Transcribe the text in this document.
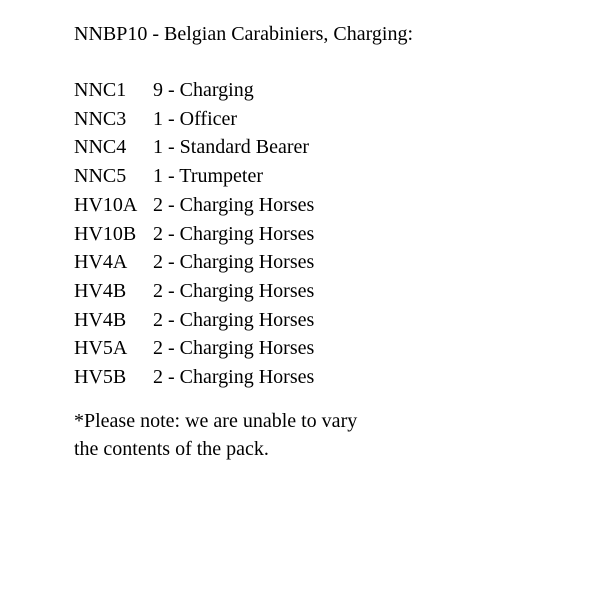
NNBP10 - Belgian Carabiniers, Charging:

NNC1	9 - Charging
NNC3	1 - Officer
NNC4	1 - Standard Bearer
NNC5	1 - Trumpeter
HV10A 2 - Charging Horses
HV10B 2 - Charging Horses
HV4A	2 - Charging Horses
HV4B	2 - Charging Horses
HV4B	2 - Charging Horses
HV5A	2 - Charging Horses
HV5B	2 - Charging Horses

*Please note: we are unable to vary the contents of the pack.
